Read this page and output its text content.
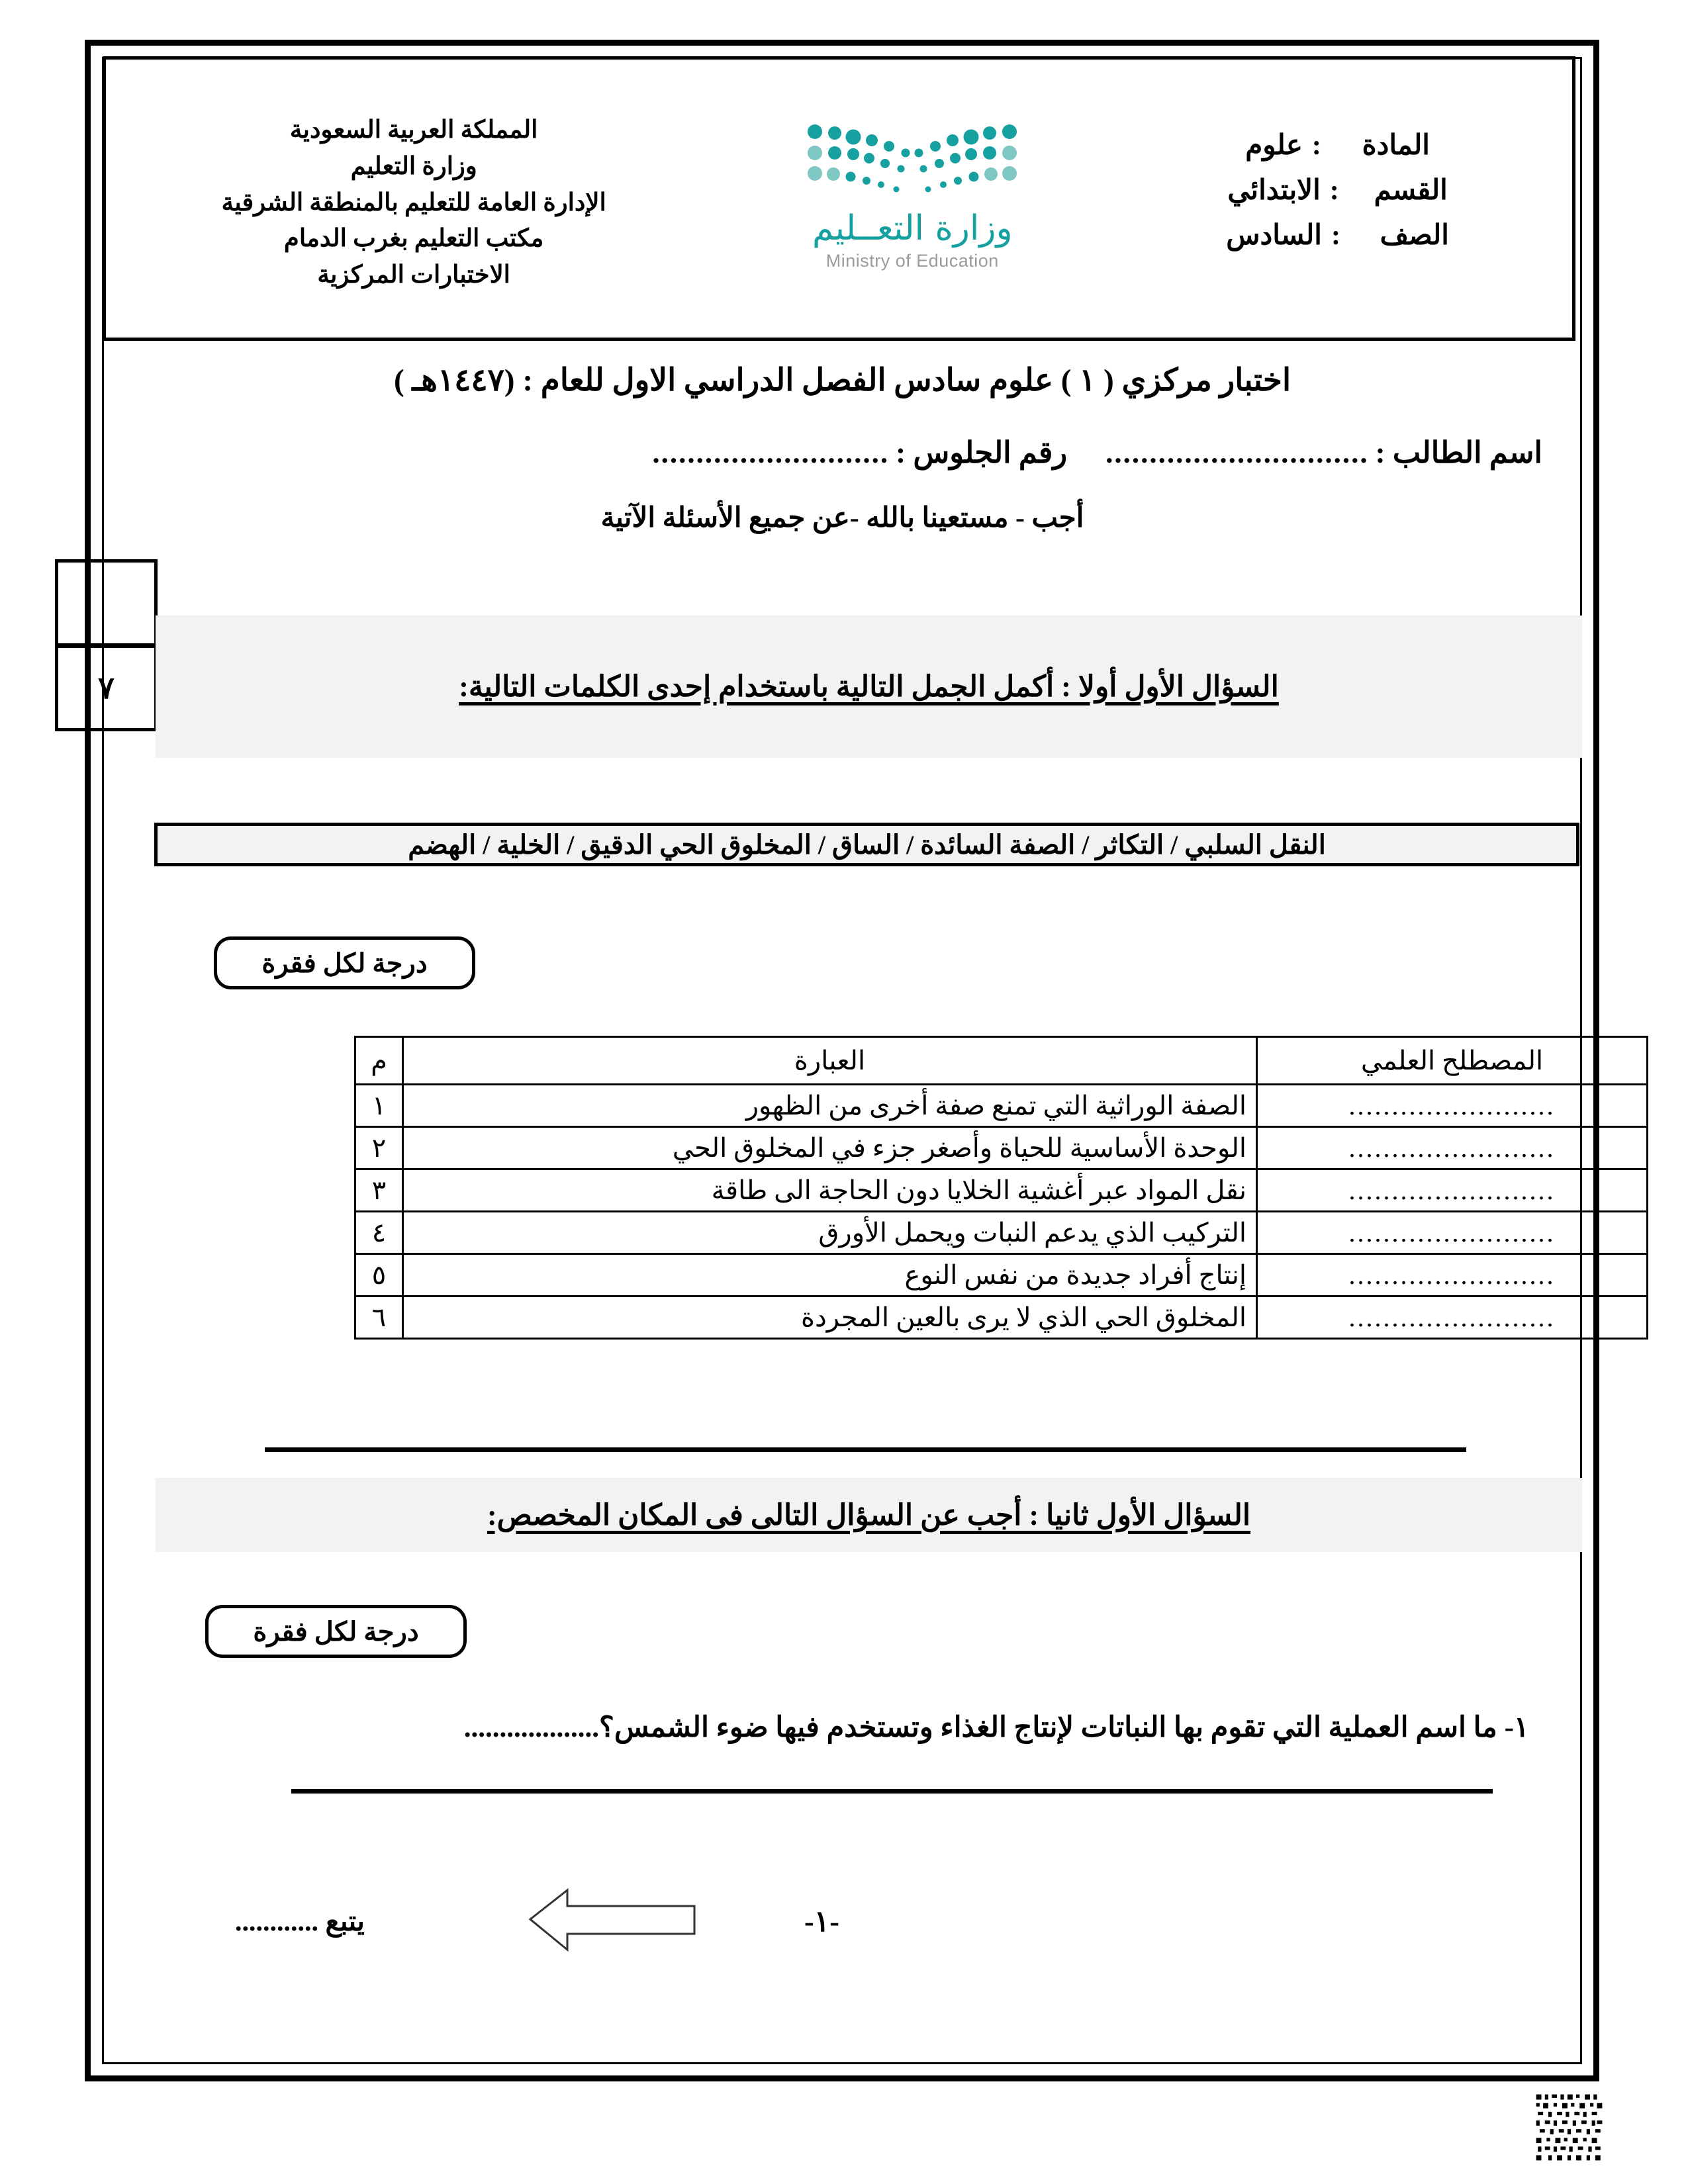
المملكة العربية السعودية
وزارة التعليم
الإدارة العامة للتعليم بالمنطقة الشرقية
مكتب التعليم بغرب الدمام
الاختبارات المركزية
وزارة التعــليم
Ministry of Education
المادة
:
علوم
القسم
:
الابتدائي
الصف
:
السادس
اختبار مركزي ( ١ ) علوم سادس الفصل الدراسي الاول للعام : (١٤٤٧هـ )
اسم الطالب :
..............................
رقم الجلوس :
...........................
أجب - مستعينا بالله -عن جميع الأسئلة الآتية
٧	السؤال الأول أولا : أكمل الجمل التالية باستخدام إحدى الكلمات التالية:
النقل السلبي / التكاثر / الصفة السائدة / الساق / المخلوق الحي الدقيق / الخلية / الهضم
درجة لكل فقرة
المصطلح العلمي	العبارة	م
........................	الصفة الوراثية التي تمنع صفة أخرى من الظهور	١
........................	الوحدة الأساسية للحياة وأصغر جزء في المخلوق الحي	٢
........................	نقل المواد عبر أغشية الخلايا دون الحاجة الى طاقة	٣
........................	التركيب الذي يدعم النبات ويحمل الأورق	٤
........................	إنتاج أفراد جديدة من نفس النوع	٥
........................	المخلوق الحي الذي لا يرى بالعين المجردة	٦
السؤال الأول ثانيا : أجب عن السؤال التالى فى المكان المخصص:
درجة لكل فقرة
١- ما اسم العملية التي تقوم بها النباتات لإنتاج الغذاء وتستخدم فيها ضوء الشمس؟...................
-١-
يتبع ............
